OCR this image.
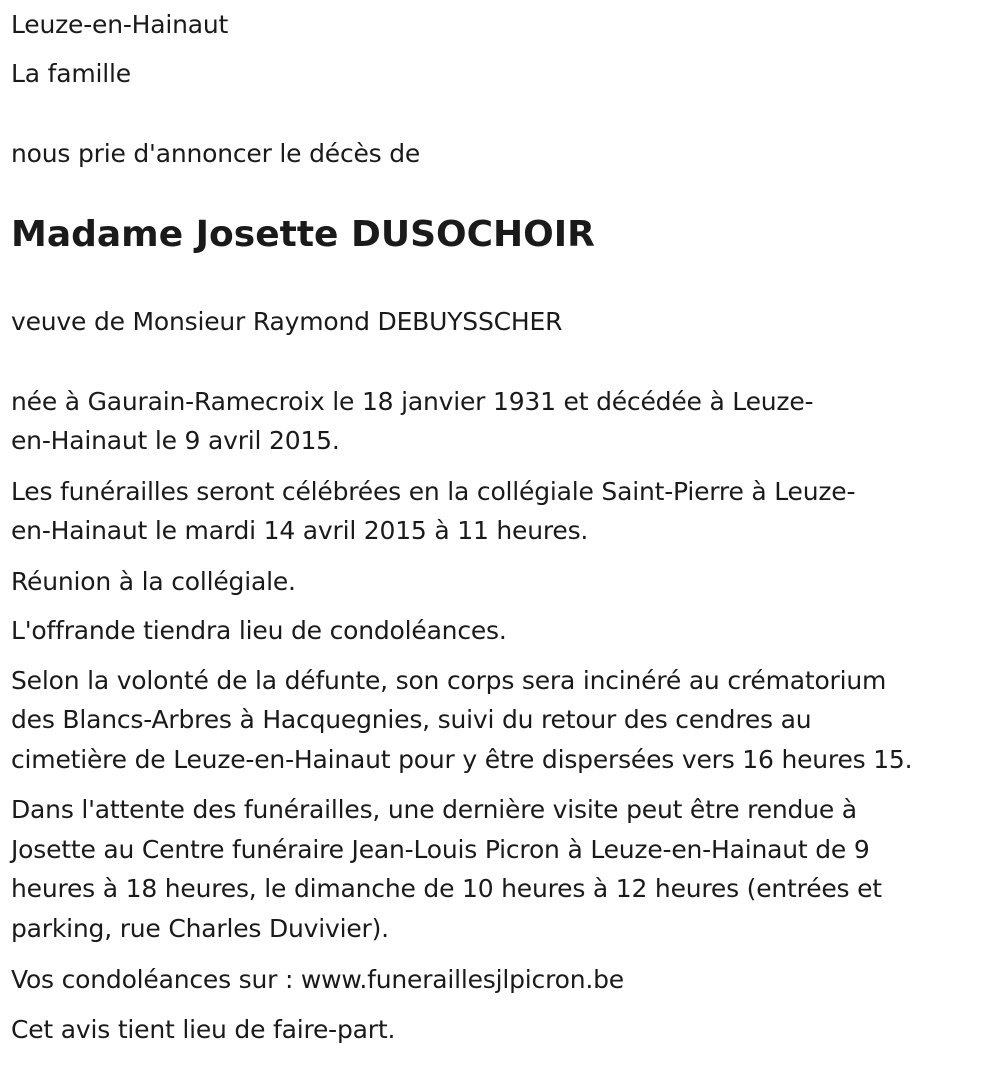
Leuze-en-Hainaut
La famille
nous prie d'annoncer le décès de
Madame Josette DUSOCHOIR
veuve de Monsieur Raymond DEBUYSSCHER
née à Gaurain-Ramecroix le 18 janvier 1931 et décédée à Leuze-
en-Hainaut le 9 avril 2015.
Les funérailles seront célébrées en la collégiale Saint-Pierre à Leuze-
en-Hainaut le mardi 14 avril 2015 à 11 heures.
Réunion à la collégiale.
L'offrande tiendra lieu de condoléances.
Selon la volonté de la défunte, son corps sera incinéré au crématorium
des Blancs-Arbres à Hacquegnies, suivi du retour des cendres au
cimetière de Leuze-en-Hainaut pour y être dispersées vers 16 heures 15.
Dans l'attente des funérailles, une dernière visite peut être rendue à
Josette au Centre funéraire Jean-Louis Picron à Leuze-en-Hainaut de 9
heures à 18 heures, le dimanche de 10 heures à 12 heures (entrées et
parking, rue Charles Duvivier).
Vos condoléances sur : www.funeraillesjlpicron.be
Cet avis tient lieu de faire-part.
